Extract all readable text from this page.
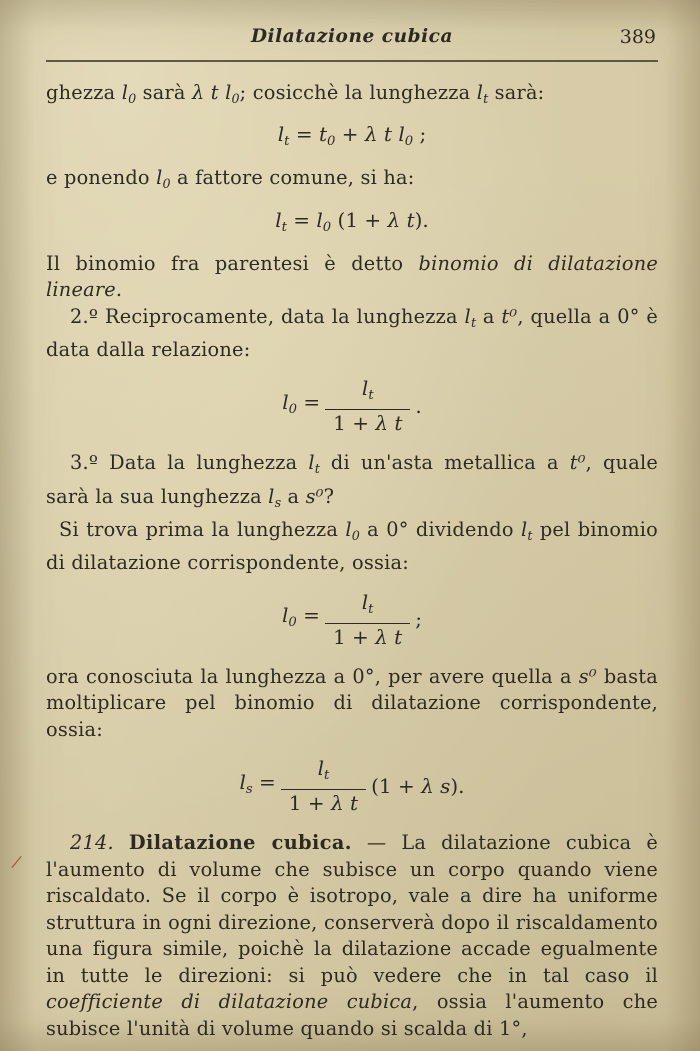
Dilatazione cubica	389

ghezza l0 sarà λ t l0; cosicchè la lunghezza lt sarà:

lt = t0 + λ t l0 ;

e ponendo l0 a fattore comune, si ha:

lt = l0 (1 + λ t).

Il binomio fra parentesi è detto binomio di dilatazione lineare.

2.º Reciprocamente, data la lunghezza lt a t⁰, quella a 0° è data dalla relazione:

$l0 = \frac{lt}{\text{1 + λ t}}$ .

3.º Data la lunghezza lt di un'asta metallica a t⁰, quale sarà la sua lunghezza ls a s⁰?

Si trova prima la lunghezza l0 a 0° dividendo lt pel binomio di dilatazione corrispondente, ossia:

$l0 = \frac{lt}{\text{1 + λ t}}$ ;

ora conosciuta la lunghezza a 0°, per avere quella a s⁰ basta moltiplicare pel binomio di dilatazione corrispondente, ossia:

ls = $\frac{lt}{\text{1 + λ t}} (1 + \lambda$ s).

214. Dilatazione cubica. — La dilatazione cubica è l'aumento di volume che subisce un corpo quando viene riscaldato. Se il corpo è isotropo, vale a dire ha uniforme struttura in ogni direzione, conserverà dopo il riscaldamento una figura simile, poichè la dilatazione accade egualmente in tutte le direzioni: si può vedere che in tal caso il coefficiente di dilatazione cubica, ossia l'aumento che subisce l'unità di volume quando si scalda di 1°,

/
